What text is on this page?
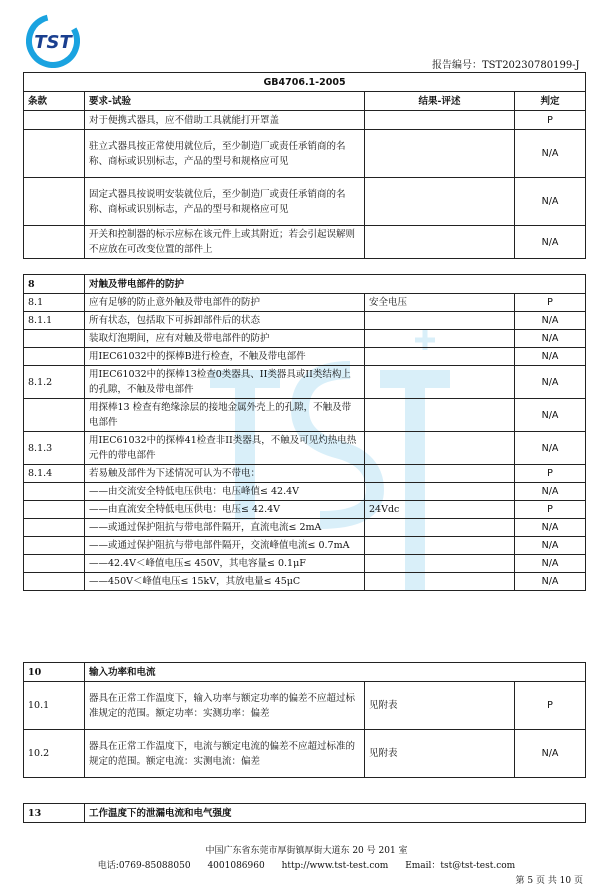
TST
报告编号：TST20230780199-J
GB4706.1-2005			
条款	要求-试验	结果-评述	判定
	对于便携式器具，应不借助工具就能打开罩盖		P
	驻立式器具按正常使用就位后，至少制造厂或责任承销商的名称、商标或识别标志，产品的型号和规格应可见		N/A
	固定式器具按说明安装就位后，至少制造厂或责任承销商的名称、商标或识别标志，产品的型号和规格应可见		N/A
	开关和控制器的标示应标在该元件上或其附近；若会引起误解则不应放在可改变位置的部件上		N/A
8	对触及带电部件的防护		
8.1	应有足够的防止意外触及带电部件的防护	安全电压	P
8.1.1	所有状态，包括取下可拆卸部件后的状态		N/A
	装取灯泡期间，应有对触及带电部件的防护		N/A
	用IEC61032中的探棒B进行检查，不触及带电部件		N/A
8.1.2	用IEC61032中的探棒13检查0类器具、II类器具或II类结构上的孔隙，不触及带电部件		N/A
	用探棒13 检查有绝缘涂层的接地金属外壳上的孔隙，不触及带电部件		N/A
8.1.3	用IEC61032中的探棒41检查非II类器具，不触及可见灼热电热元件的带电部件		N/A
8.1.4	若易触及部件为下述情况可认为不带电：		P
	——由交流安全特低电压供电：电压峰值≤ 42.4V		N/A
	——由直流安全特低电压供电：电压≤ 42.4V	24Vdc	P
	——或通过保护阻抗与带电部件隔开，直流电流≤ 2mA		N/A
	——或通过保护阻抗与带电部件隔开，交流峰值电流≤ 0.7mA		N/A
	——42.4V＜峰值电压≤ 450V，其电容量≤ 0.1μF		N/A
	——450V＜峰值电压≤ 15kV，其放电量≤ 45μC		N/A
10	输入功率和电流		
10.1	器具在正常工作温度下，输入功率与额定功率的偏差不应超过标准规定的范围。额定功率：实测功率：偏差	见附表	P
10.2	器具在正常工作温度下，电流与额定电流的偏差不应超过标准的规定的范围。额定电流：实测电流：偏差	见附表	N/A
13	工作温度下的泄漏电流和电气强度
中国广东省东莞市厚街镇厚街大道东 20 号 201 室
电话:0769-85088050 4001086960 http://www.tst-test.com Email：tst@tst-test.com
第 5 页 共 10 页
